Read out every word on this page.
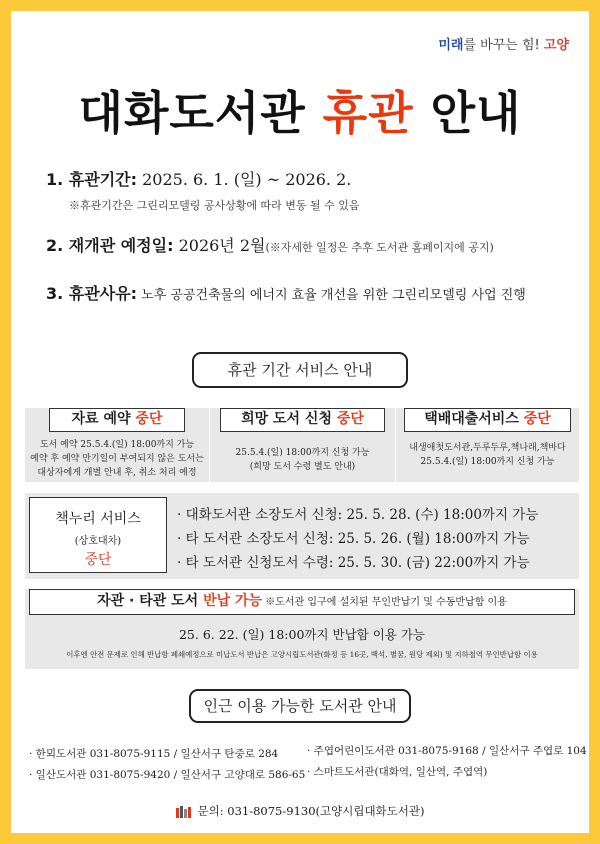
미래를 바꾸는 힘! 고양
대화도서관 휴관 안내
1. 휴관기간: 2025. 6. 1. (일) ~ 2026. 2.
※휴관기간은 그린리모델링 공사상황에 따라 변동 될 수 있음
2. 재개관 예정일: 2026년 2월(※자세한 일정은 추후 도서관 홈페이지에 공지)
3. 휴관사유: 노후 공공건축물의 에너지 효율 개선을 위한 그린리모델링 사업 진행
휴관 기간 서비스 안내
자료 예약 중단
도서 예약 25.5.4.(일) 18:00까지 가능
예약 후 예약 만기일이 부여되지 않은 도서는
대상자에게 개별 안내 후, 취소 처리 예정
희망 도서 신청 중단
25.5.4.(일) 18:00까지 신청 가능
(희망 도서 수령 별도 안내)
택배대출서비스 중단
내생애첫도서관,두루두루,책나래,책바다
25.5.4.(일) 18:00까지 신청 가능
책누리 서비스
(상호대차)
중단
· 대화도서관 소장도서 신청: 25. 5. 28. (수) 18:00까지 가능
· 타 도서관 소장도서 신청: 25. 5. 26. (월) 18:00까지 가능
· 타 도서관 신청도서 수령: 25. 5. 30. (금) 22:00까지 가능
자관 · 타관 도서 반납 가능 ※도서관 입구에 설치된 무인반납기 및 수동반납함 이용
25. 6. 22. (일) 18:00까지 반납함 이용 가능
이후엔 안전 문제로 인해 반납함 폐쇄예정으로 미납도서 반납은 고양시립도서관(화정 등 16곳, 백석, 별꿈, 원당 제외) 및 지하철역 무인반납함 이용
인근 이용 가능한 도서관 안내
· 한뫼도서관 031-8075-9115 / 일산서구 탄중로 284	· 주엽어린이도서관 031-8075-9168 / 일산서구 주엽로 104
· 일산도서관 031-8075-9420 / 일산서구 고양대로 586-65 · 스마트도서관(대화역, 일산역, 주엽역)
문의: 031-8075-9130(고양시립대화도서관)
